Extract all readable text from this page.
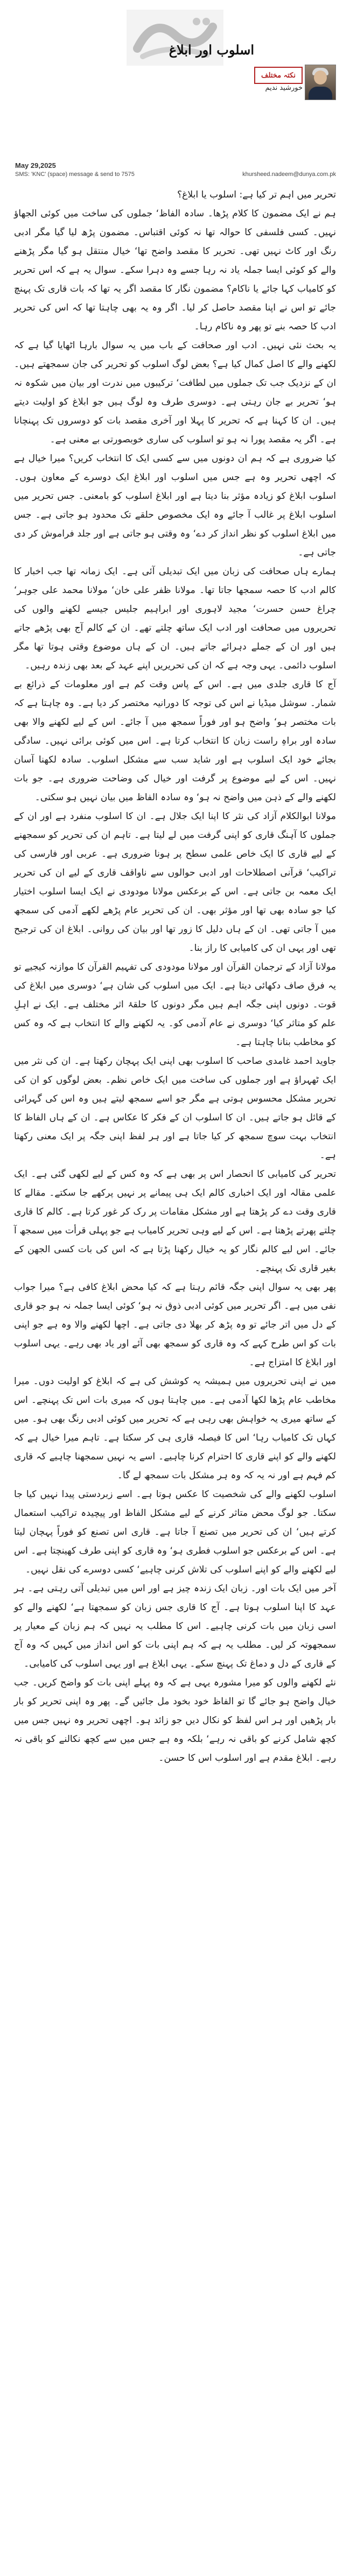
نکتہ مختلف
خورشید ندیم
اسلوب اور ابلاغ
May 29,2025
SMS: 'KNC' (space) message & send to 7575	khursheed.nadeem@dunya.com.pk

تحریر میں اہم تر کیا ہے: اسلوب یا ابلاغ؟

ہم نے ایک مضمون کا کلام پڑھا۔ سادہ الفاظ‘ جملوں کی ساخت میں کوئی الجھاؤ نہیں۔ کسی فلسفی کا حوالہ تھا نہ کوئی اقتباس۔ مضمون پڑھ لیا گیا مگر ادبی رنگ اور کاٹ نہیں تھی۔ تحریر کا مقصد واضح تھا‘ خیال منتقل ہو گیا مگر پڑھنے والے کو کوئی ایسا جملہ یاد نہ رہا جسے وہ دہرا سکے۔ سوال یہ ہے کہ اس تحریر کو کامیاب کہا جائے یا ناکام؟ مضمون نگار کا مقصد اگر یہ تھا کہ بات قاری تک پہنچ جائے تو اس نے اپنا مقصد حاصل کر لیا۔ اگر وہ یہ بھی چاہتا تھا کہ اس کی تحریر ادب کا حصہ بنے تو پھر وہ ناکام رہا۔

یہ بحث نئی نہیں۔ ادب اور صحافت کے باب میں یہ سوال بارہا اٹھایا گیا ہے کہ لکھنے والے کا اصل کمال کیا ہے؟ بعض لوگ اسلوب کو تحریر کی جان سمجھتے ہیں۔ ان کے نزدیک جب تک جملوں میں لطافت‘ ترکیبوں میں ندرت اور بیان میں شکوہ نہ ہو‘ تحریر بے جان رہتی ہے۔ دوسری طرف وہ لوگ ہیں جو ابلاغ کو اولیت دیتے ہیں۔ ان کا کہنا ہے کہ تحریر کا پہلا اور آخری مقصد بات کو دوسروں تک پہنچانا ہے۔ اگر یہ مقصد پورا نہ ہو تو اسلوب کی ساری خوبصورتی بے معنی ہے۔

کیا ضروری ہے کہ ہم ان دونوں میں سے کسی ایک کا انتخاب کریں؟ میرا خیال ہے کہ اچھی تحریر وہ ہے جس میں اسلوب اور ابلاغ ایک دوسرے کے معاون ہوں۔ اسلوب ابلاغ کو زیادہ مؤثر بنا دیتا ہے اور ابلاغ اسلوب کو بامعنی۔ جس تحریر میں اسلوب ابلاغ پر غالب آ جائے وہ ایک مخصوص حلقے تک محدود ہو جاتی ہے۔ جس میں ابلاغ اسلوب کو نظر انداز کر دے‘ وہ وقتی ہو جاتی ہے اور جلد فراموش کر دی جاتی ہے۔

ہمارے ہاں صحافت کی زبان میں ایک تبدیلی آئی ہے۔ ایک زمانہ تھا جب اخبار کا کالم ادب کا حصہ سمجھا جاتا تھا۔ مولانا ظفر علی خان‘ مولانا محمد علی جوہر‘ چراغ حسن حسرت‘ مجید لاہوری اور ابراہیم جلیس جیسے لکھنے والوں کی تحریروں میں صحافت اور ادب ایک ساتھ چلتے تھے۔ ان کے کالم آج بھی پڑھے جاتے ہیں اور ان کے جملے دہرائے جاتے ہیں۔ ان کے ہاں موضوع وقتی ہوتا تھا مگر اسلوب دائمی۔ یہی وجہ ہے کہ ان کی تحریریں اپنے عہد کے بعد بھی زندہ رہیں۔

آج کا قاری جلدی میں ہے۔ اس کے پاس وقت کم ہے اور معلومات کے ذرائع بے شمار۔ سوشل میڈیا نے اس کی توجہ کا دورانیہ مختصر کر دیا ہے۔ وہ چاہتا ہے کہ بات مختصر ہو‘ واضح ہو اور فوراً سمجھ میں آ جائے۔ اس کے لیے لکھنے والا بھی سادہ اور براہِ راست زبان کا انتخاب کرتا ہے۔ اس میں کوئی برائی نہیں۔ سادگی بجائے خود ایک اسلوب ہے اور شاید سب سے مشکل اسلوب۔ سادہ لکھنا آسان نہیں۔ اس کے لیے موضوع پر گرفت اور خیال کی وضاحت ضروری ہے۔ جو بات لکھنے والے کے ذہن میں واضح نہ ہو‘ وہ سادہ الفاظ میں بیان نہیں ہو سکتی۔

مولانا ابوالکلام آزاد کی نثر کا اپنا ایک جلال ہے۔ ان کا اسلوب منفرد ہے اور ان کے جملوں کا آہنگ قاری کو اپنی گرفت میں لے لیتا ہے۔ تاہم ان کی تحریر کو سمجھنے کے لیے قاری کا ایک خاص علمی سطح پر ہونا ضروری ہے۔ عربی اور فارسی کی تراکیب‘ قرآنی اصطلاحات اور ادبی حوالوں سے ناواقف قاری کے لیے ان کی تحریر ایک معمہ بن جاتی ہے۔ اس کے برعکس مولانا مودودی نے ایک ایسا اسلوب اختیار کیا جو سادہ بھی تھا اور مؤثر بھی۔ ان کی تحریر عام پڑھے لکھے آدمی کی سمجھ میں آ جاتی تھی۔ ان کے ہاں دلیل کا زور تھا اور بیان کی روانی۔ ابلاغ ان کی ترجیح تھی اور یہی ان کی کامیابی کا راز بنا۔

مولانا آزاد کے ترجمان القرآن اور مولانا مودودی کی تفہیم القرآن کا موازنہ کیجیے تو یہ فرق صاف دکھائی دیتا ہے۔ ایک میں اسلوب کی شان ہے‘ دوسری میں ابلاغ کی قوت۔ دونوں اپنی جگہ اہم ہیں مگر دونوں کا حلقۂ اثر مختلف ہے۔ ایک نے اہلِ علم کو متاثر کیا‘ دوسری نے عام آدمی کو۔ یہ لکھنے والے کا انتخاب ہے کہ وہ کس کو مخاطب بنانا چاہتا ہے۔

جاوید احمد غامدی صاحب کا اسلوب بھی اپنی ایک پہچان رکھتا ہے۔ ان کی نثر میں ایک ٹھہراؤ ہے اور جملوں کی ساخت میں ایک خاص نظم۔ بعض لوگوں کو ان کی تحریر مشکل محسوس ہوتی ہے مگر جو اسے سمجھ لیتے ہیں وہ اس کی گہرائی کے قائل ہو جاتے ہیں۔ ان کا اسلوب ان کے فکر کا عکاس ہے۔ ان کے ہاں الفاظ کا انتخاب بہت سوچ سمجھ کر کیا جاتا ہے اور ہر لفظ اپنی جگہ پر ایک معنی رکھتا ہے۔

تحریر کی کامیابی کا انحصار اس پر بھی ہے کہ وہ کس کے لیے لکھی گئی ہے۔ ایک علمی مقالہ اور ایک اخباری کالم ایک ہی پیمانے پر نہیں پرکھے جا سکتے۔ مقالے کا قاری وقت دے کر پڑھتا ہے اور مشکل مقامات پر رک کر غور کرتا ہے۔ کالم کا قاری چلتے پھرتے پڑھتا ہے۔ اس کے لیے وہی تحریر کامیاب ہے جو پہلی قرأت میں سمجھ آ جائے۔ اس لیے کالم نگار کو یہ خیال رکھنا پڑتا ہے کہ اس کی بات کسی الجھن کے بغیر قاری تک پہنچے۔

پھر بھی یہ سوال اپنی جگہ قائم رہتا ہے کہ کیا محض ابلاغ کافی ہے؟ میرا جواب نفی میں ہے۔ اگر تحریر میں کوئی ادبی ذوق نہ ہو‘ کوئی ایسا جملہ نہ ہو جو قاری کے دل میں اتر جائے تو وہ پڑھ کر بھلا دی جاتی ہے۔ اچھا لکھنے والا وہ ہے جو اپنی بات کو اس طرح کہے کہ وہ قاری کو سمجھ بھی آئے اور یاد بھی رہے۔ یہی اسلوب اور ابلاغ کا امتزاج ہے۔

میں نے اپنی تحریروں میں ہمیشہ یہ کوشش کی ہے کہ ابلاغ کو اولیت دوں۔ میرا مخاطب عام پڑھا لکھا آدمی ہے۔ میں چاہتا ہوں کہ میری بات اس تک پہنچے۔ اس کے ساتھ میری یہ خواہش بھی رہی ہے کہ تحریر میں کوئی ادبی رنگ بھی ہو۔ میں کہاں تک کامیاب رہا‘ اس کا فیصلہ قاری ہی کر سکتا ہے۔ تاہم میرا خیال ہے کہ لکھنے والے کو اپنے قاری کا احترام کرنا چاہیے۔ اسے یہ نہیں سمجھنا چاہیے کہ قاری کم فہم ہے اور نہ یہ کہ وہ ہر مشکل بات سمجھ لے گا۔

اسلوب لکھنے والے کی شخصیت کا عکس ہوتا ہے۔ اسے زبردستی پیدا نہیں کیا جا سکتا۔ جو لوگ محض متاثر کرنے کے لیے مشکل الفاظ اور پیچیدہ تراکیب استعمال کرتے ہیں‘ ان کی تحریر میں تصنع آ جاتا ہے۔ قاری اس تصنع کو فوراً پہچان لیتا ہے۔ اس کے برعکس جو اسلوب فطری ہو‘ وہ قاری کو اپنی طرف کھینچتا ہے۔ اس لیے لکھنے والے کو اپنے اسلوب کی تلاش کرنی چاہیے‘ کسی دوسرے کی نقل نہیں۔

آخر میں ایک بات اور۔ زبان ایک زندہ چیز ہے اور اس میں تبدیلی آتی رہتی ہے۔ ہر عہد کا اپنا اسلوب ہوتا ہے۔ آج کا قاری جس زبان کو سمجھتا ہے‘ لکھنے والے کو اسی زبان میں بات کرنی چاہیے۔ اس کا مطلب یہ نہیں کہ ہم زبان کے معیار پر سمجھوتہ کر لیں۔ مطلب یہ ہے کہ ہم اپنی بات کو اس انداز میں کہیں کہ وہ آج کے قاری کے دل و دماغ تک پہنچ سکے۔ یہی ابلاغ ہے اور یہی اسلوب کی کامیابی۔

نئے لکھنے والوں کو میرا مشورہ یہی ہے کہ وہ پہلے اپنی بات کو واضح کریں۔ جب خیال واضح ہو جائے گا تو الفاظ خود بخود مل جائیں گے۔ پھر وہ اپنی تحریر کو بار بار پڑھیں اور ہر اس لفظ کو نکال دیں جو زائد ہو۔ اچھی تحریر وہ نہیں جس میں کچھ شامل کرنے کو باقی نہ رہے‘ بلکہ وہ ہے جس میں سے کچھ نکالنے کو باقی نہ رہے۔ ابلاغ مقدم ہے اور اسلوب اس کا حسن۔
